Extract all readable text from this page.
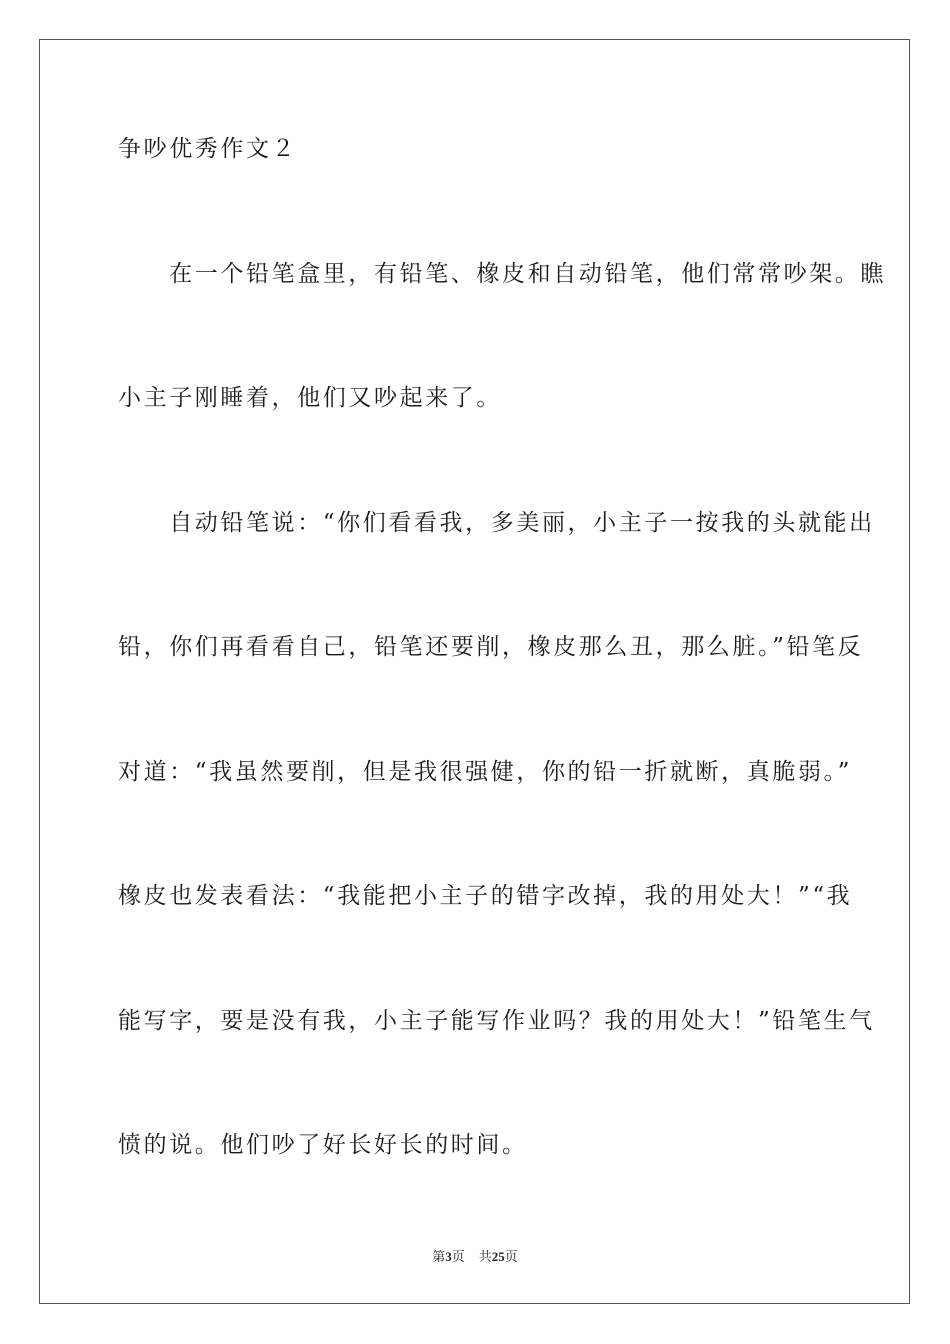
争吵优秀作文２
　　在一个铅笔盒里，有铅笔、橡皮和自动铅笔，他们常常吵架。瞧
小主子刚睡着，他们又吵起来了。
　　自动铅笔说：“你们看看我，多美丽，小主子一按我的头就能出
铅，你们再看看自己，铅笔还要削，橡皮那么丑，那么脏。”铅笔反
对道：“我虽然要削，但是我很强健，你的铅一折就断，真脆弱。”
橡皮也发表看法：“我能把小主子的错字改掉，我的用处大！”“我
能写字，要是没有我，小主子能写作业吗？我的用处大！”铅笔生气
愤的说。他们吵了好长好长的时间。
第3页 共25页
